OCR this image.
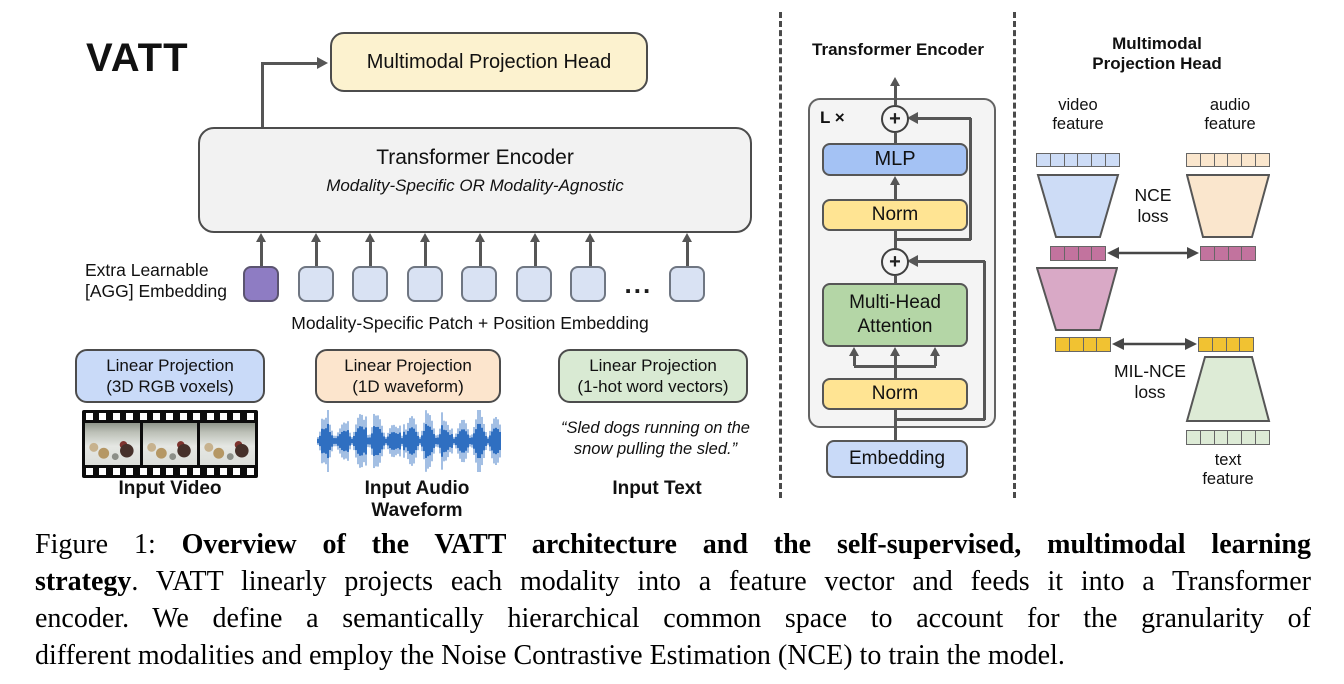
VATT	Multimodal Projection Head
Transformer Encoder
Modality-Specific OR Modality-Agnostic
...
Extra Learnable
[AGG] Embedding
Modality-Specific Patch + Position Embedding
Linear Projection
(3D RGB voxels)
Linear Projection
(1D waveform)
Linear Projection
(1-hot word vectors)
Input Video	Input Audio Waveform
“Sled dogs running on the
snow pulling the sled.”
Input Text
Transformer Encoder
L × +
+
MLP
Norm
Multi-Head
Attention
Norm
Embedding
Multimodal
Projection Head
video
feature
audio
feature
NCE
loss
MIL-NCE
loss
text
feature
Figure 1: Overview of the VATT architecture and the self-supervised, multimodal learning
strategy. VATT linearly projects each modality into a feature vector and feeds it into a Transformer
encoder. We define a semantically hierarchical common space to account for the granularity of
different modalities and employ the Noise Contrastive Estimation (NCE) to train the model.
